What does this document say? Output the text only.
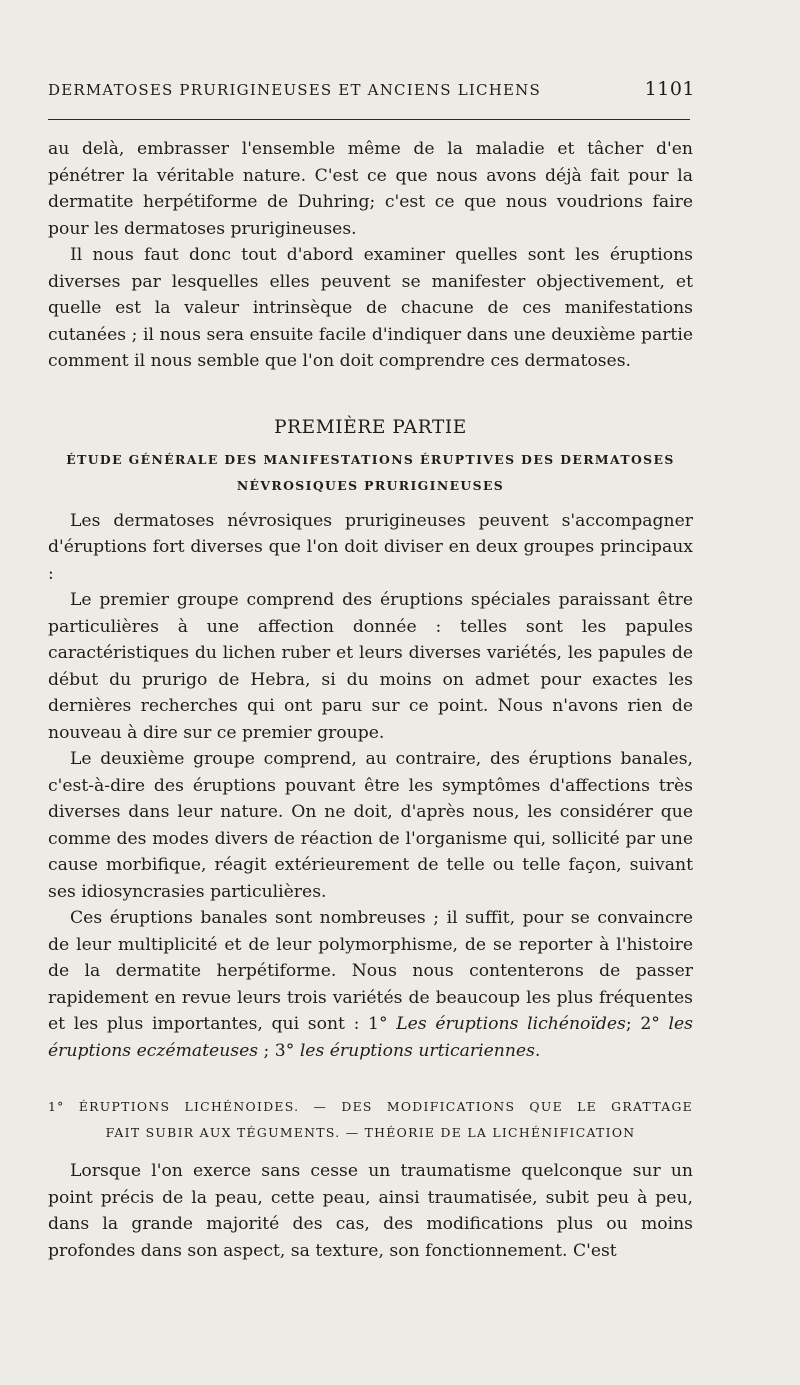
DERMATOSES PRURIGINEUSES ET ANCIENS LICHENS	1101

au delà, embrasser l'ensemble même de la maladie et tâcher d'en pénétrer la véritable nature. C'est ce que nous avons déjà fait pour la dermatite herpétiforme de Duhring; c'est ce que nous voudrions faire pour les dermatoses prurigineuses.

Il nous faut donc tout d'abord examiner quelles sont les éruptions diverses par lesquelles elles peuvent se manifester objectivement, et quelle est la valeur intrinsèque de chacune de ces manifestations cutanées ; il nous sera ensuite facile d'indiquer dans une deuxième partie comment il nous semble que l'on doit comprendre ces dermatoses.

PREMIÈRE PARTIE
ÉTUDE GÉNÉRALE DES MANIFESTATIONS ÉRUPTIVES DES DERMATOSES
NÉVROSIQUES PRURIGINEUSES

Les dermatoses névrosiques prurigineuses peuvent s'accompagner d'éruptions fort diverses que l'on doit diviser en deux groupes principaux :

Le premier groupe comprend des éruptions spéciales paraissant être particulières à une affection donnée : telles sont les papules caractéristiques du lichen ruber et leurs diverses variétés, les papules de début du prurigo de Hebra, si du moins on admet pour exactes les dernières recherches qui ont paru sur ce point. Nous n'avons rien de nouveau à dire sur ce premier groupe.

Le deuxième groupe comprend, au contraire, des éruptions banales, c'est-à-dire des éruptions pouvant être les symptômes d'affections très diverses dans leur nature. On ne doit, d'après nous, les considérer que comme des modes divers de réaction de l'organisme qui, sollicité par une cause morbifique, réagit extérieurement de telle ou telle façon, suivant ses idiosyncrasies particulières.

Ces éruptions banales sont nombreuses ; il suffit, pour se convaincre de leur multiplicité et de leur polymorphisme, de se reporter à l'histoire de la dermatite herpétiforme. Nous nous contenterons de passer rapidement en revue leurs trois variétés de beaucoup les plus fréquentes et les plus importantes, qui sont : 1° Les éruptions lichénoïdes; 2° les éruptions eczémateuses ; 3° les éruptions urticariennes.

1° ÉRUPTIONS LICHÉNOIDES. — DES MODIFICATIONS QUE LE GRATTAGE
FAIT SUBIR AUX TÉGUMENTS. — THÉORIE DE LA LICHÉNIFICATION

Lorsque l'on exerce sans cesse un traumatisme quelconque sur un point précis de la peau, cette peau, ainsi traumatisée, subit peu à peu, dans la grande majorité des cas, des modifications plus ou moins profondes dans son aspect, sa texture, son fonctionnement. C'est
